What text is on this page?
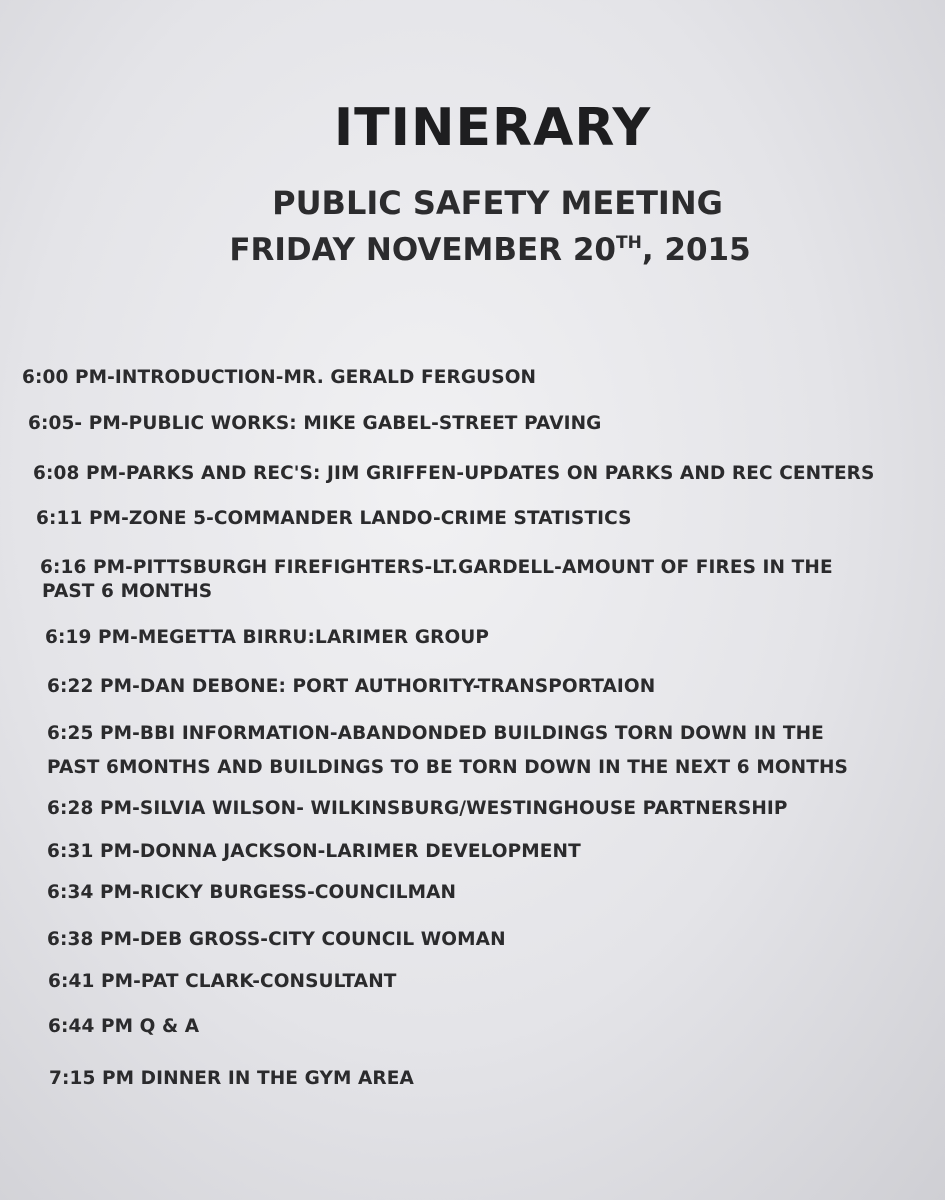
ITINERARY
PUBLIC SAFETY MEETING
FRIDAY NOVEMBER 20TH, 2015
6:00 PM-INTRODUCTION-MR. GERALD FERGUSON
6:05- PM-PUBLIC WORKS: MIKE GABEL-STREET PAVING
6:08 PM-PARKS AND REC'S: JIM GRIFFEN-UPDATES ON PARKS AND REC CENTERS
6:11 PM-ZONE 5-COMMANDER LANDO-CRIME STATISTICS
6:16 PM-PITTSBURGH FIREFIGHTERS-LT.GARDELL-AMOUNT OF FIRES IN THE
PAST 6 MONTHS
6:19 PM-MEGETTA BIRRU:LARIMER GROUP
6:22 PM-DAN DEBONE: PORT AUTHORITY-TRANSPORTAION
6:25 PM-BBI INFORMATION-ABANDONDED BUILDINGS TORN DOWN IN THE
PAST 6MONTHS AND BUILDINGS TO BE TORN DOWN IN THE NEXT 6 MONTHS
6:28 PM-SILVIA WILSON- WILKINSBURG/WESTINGHOUSE PARTNERSHIP
6:31 PM-DONNA JACKSON-LARIMER DEVELOPMENT
6:34 PM-RICKY BURGESS-COUNCILMAN
6:38 PM-DEB GROSS-CITY COUNCIL WOMAN
6:41 PM-PAT CLARK-CONSULTANT
6:44 PM Q & A
7:15 PM DINNER IN THE GYM AREA
